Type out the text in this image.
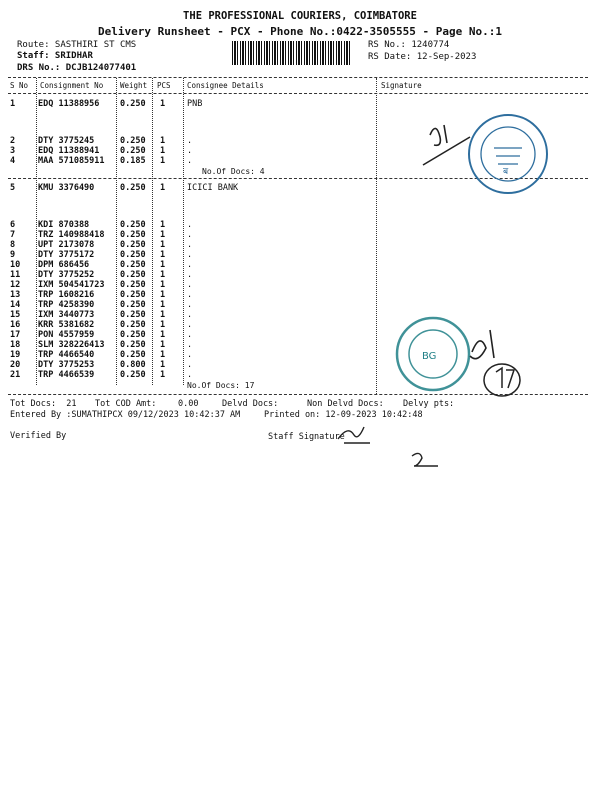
THE PROFESSIONAL COURIERS, COIMBATORE
Delivery Runsheet - PCX - Phone No.:0422-3505555 - Page No.:1
Route: SASTHIRI ST CMS
Staff: SRIDHAR
DRS No.: DCJB124077401
RS No.: 1240774
RS Date: 12-Sep-2023
S No Consignment No Weight PCS Consignee Details	Signature
1	EDQ 11388956 0.250 1	PNB
2	DTY 3775245	0.250 1	.
3	EDQ 11388941 0.250 1	.
4	MAA 571085911 0.185 1	.
No.Of Docs: 4
5	KMU 3376490	0.250 1	ICICI BANK
6	KDI 870388	0.250 1	.
7	TRZ 140988418 0.250 1	.
8	UPT 2173078	0.250 1	.
9	DTY 3775172	0.250 1	.
10 DPM 686456	0.250 1	.
11 DTY 3775252	0.250 1	.
12 IXM 504541723 0.250 1	.
13 TRP 1608216	0.250 1	.
14 TRP 4258390	0.250 1	.
15 IXM 3440773	0.250 1	.
16 KRR 5381682	0.250 1	.
17 PON 4557959	0.250 1	.
18 SLM 328226413 0.250 1	.
19 TRP 4466540	0.250 1	.
20 DTY 3775253	0.800 1	.
21 TRP 4466539	0.250 1	.
No.Of Docs: 17
Tot Docs:  21 Tot COD Amt:	0.00	Delvd Docs:	Non Delvd Docs: Delvy pts:
Entered By :SUMATHIPCX 09/12/2023 10:42:37 AM	Printed on: 12-09-2023 10:42:48
Verified By	Staff Signature
ब
BG
